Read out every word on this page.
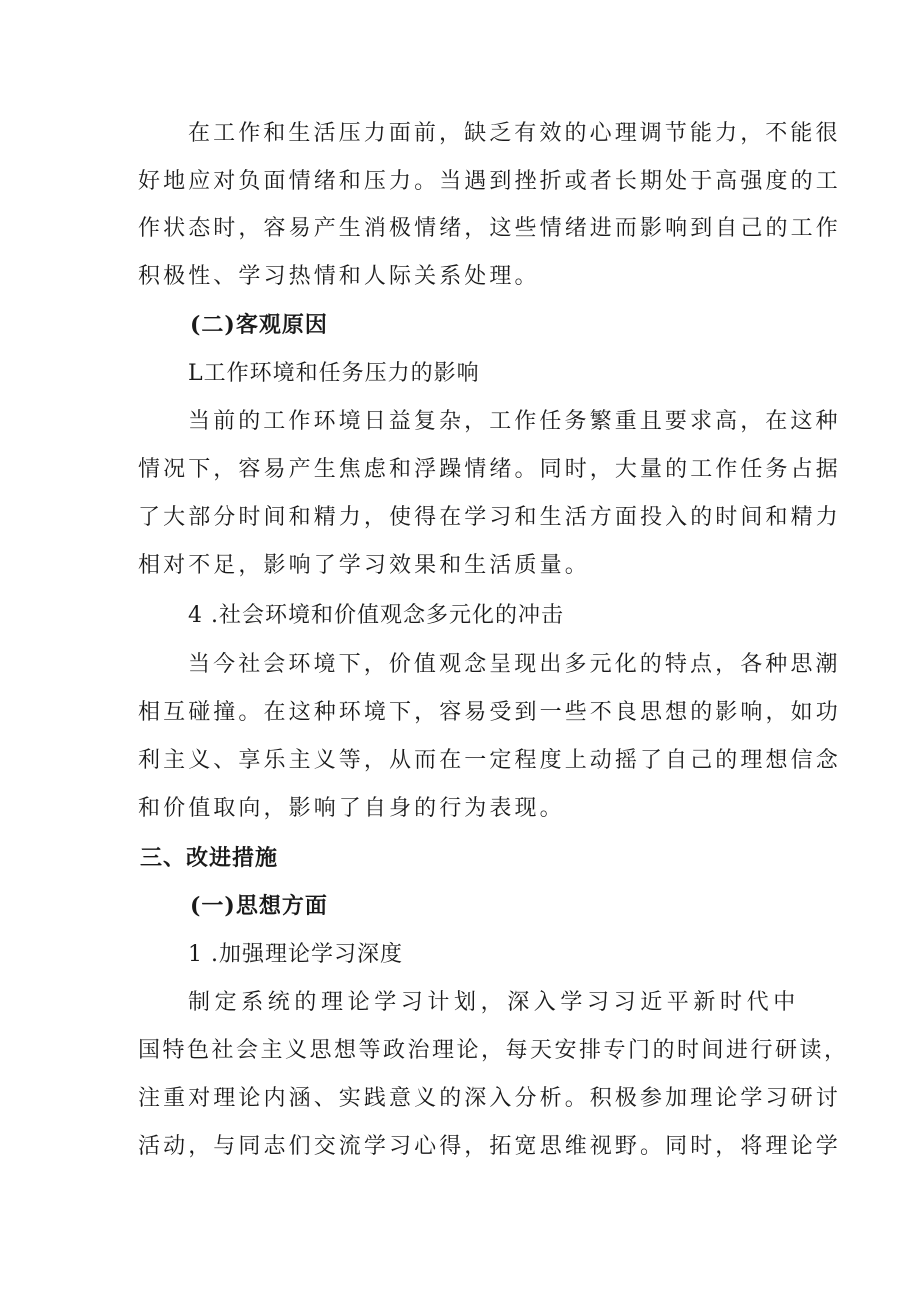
在工作和生活压力面前，缺乏有效的心理调节能力，不能很
好地应对负面情绪和压力。当遇到挫折或者长期处于高强度的工
作状态时，容易产生消极情绪，这些情绪进而影响到自己的工作
积极性、学习热情和人际关系处理。
(二)客观原因
L工作环境和任务压力的影响
当前的工作环境日益复杂，工作任务繁重且要求高，在这种
情况下，容易产生焦虑和浮躁情绪。同时，大量的工作任务占据
了大部分时间和精力，使得在学习和生活方面投入的时间和精力
相对不足，影响了学习效果和生活质量。
4 .社会环境和价值观念多元化的冲击
当今社会环境下，价值观念呈现出多元化的特点，各种思潮
相互碰撞。在这种环境下，容易受到一些不良思想的影响，如功
利主义、享乐主义等，从而在一定程度上动摇了自己的理想信念
和价值取向，影响了自身的行为表现。
三、改进措施
(一)思想方面
1 .加强理论学习深度
制定系统的理论学习计划，深入学习习近平新时代中
国特色社会主义思想等政治理论，每天安排专门的时间进行研读，
注重对理论内涵、实践意义的深入分析。积极参加理论学习研讨
活动，与同志们交流学习心得，拓宽思维视野。同时，将理论学
